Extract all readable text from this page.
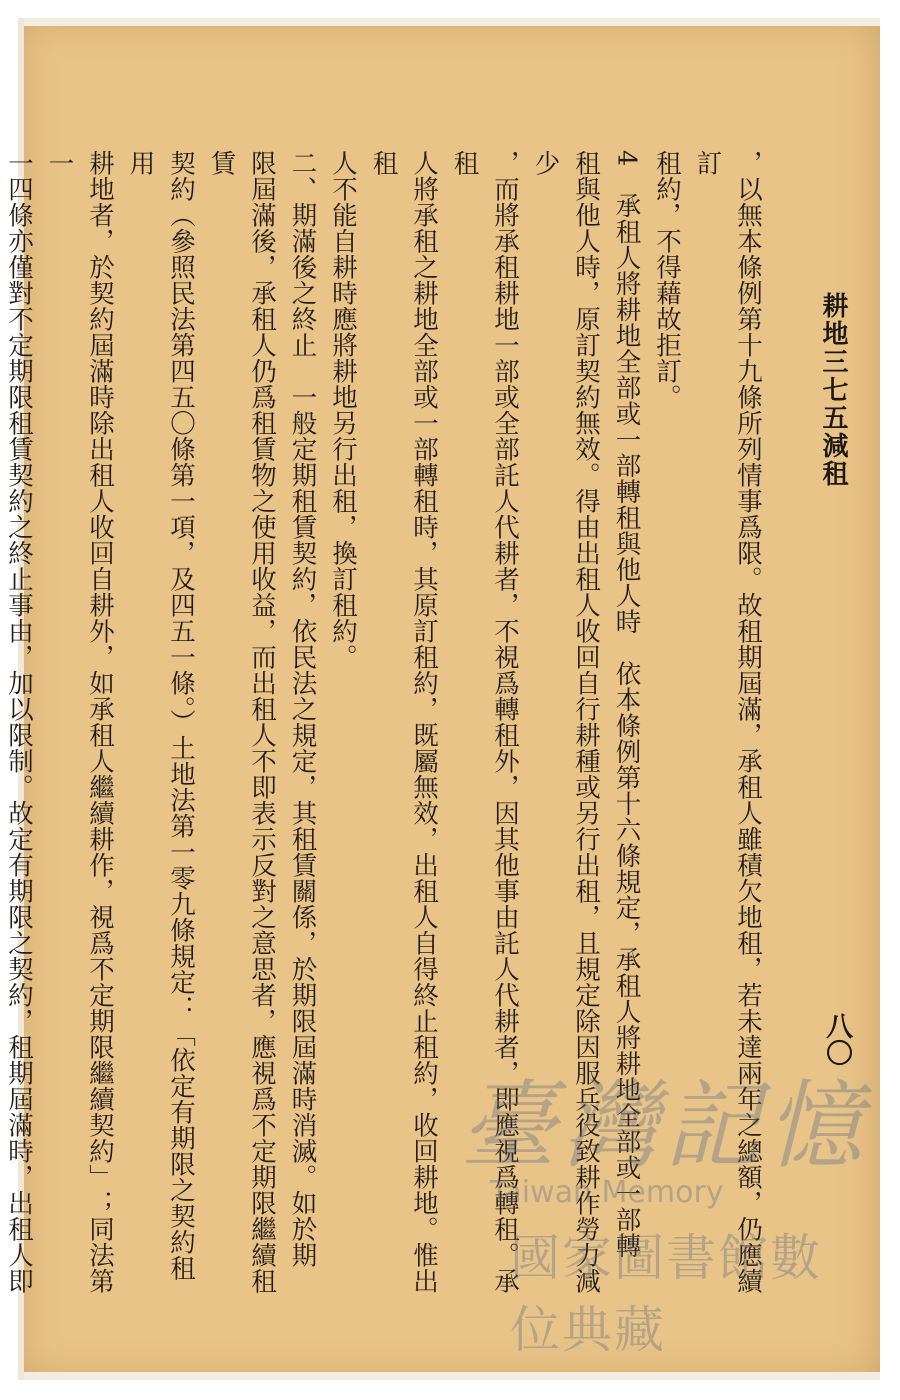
耕地三七五減租
八〇

，以無本條例第十九條所列情事爲限。故租期屆滿，承租人雖積欠地租，若未達兩年之總額，仍應續訂

租約，不得藉故拒訂。

4　承租人將耕地全部或一部轉租與他人時　依本條例第十六條規定，承租人將耕地全部或一部轉

租與他人時，原訂契約無效。得由出租人收回自行耕種或另行出租，且規定除因服兵役致耕作勞力減少

，而將承租耕地一部或全部託人代耕者，不視爲轉租外，因其他事由託人代耕者，即應視爲轉租。承租

人將承租之耕地全部或一部轉租時，其原訂租約，既屬無效，出租人自得終止租約，收回耕地。惟出租

人不能自耕時應將耕地另行出租，換訂租約。

二、期滿後之終止　一般定期租賃契約，依民法之規定，其租賃關係，於期限屆滿時消滅。如於期

限屆滿後，承租人仍爲租賃物之使用收益，而出租人不即表示反對之意思者，應視爲不定期限繼續租賃

契約（參照民法第四五〇條第一項，及四五一條。）土地法第一零九條規定：「依定有期限之契約租用

耕地者，於契約屆滿時除出租人收回自耕外，如承租人繼續耕作，視爲不定期限繼續契約」；同法第一

一四條亦僅對不定期限租賃契約之終止事由，加以限制。故定有期限之契約，租期屆滿時，出租人即

臺灣記憶
Taiwan Memory
國家圖書館數位典藏
